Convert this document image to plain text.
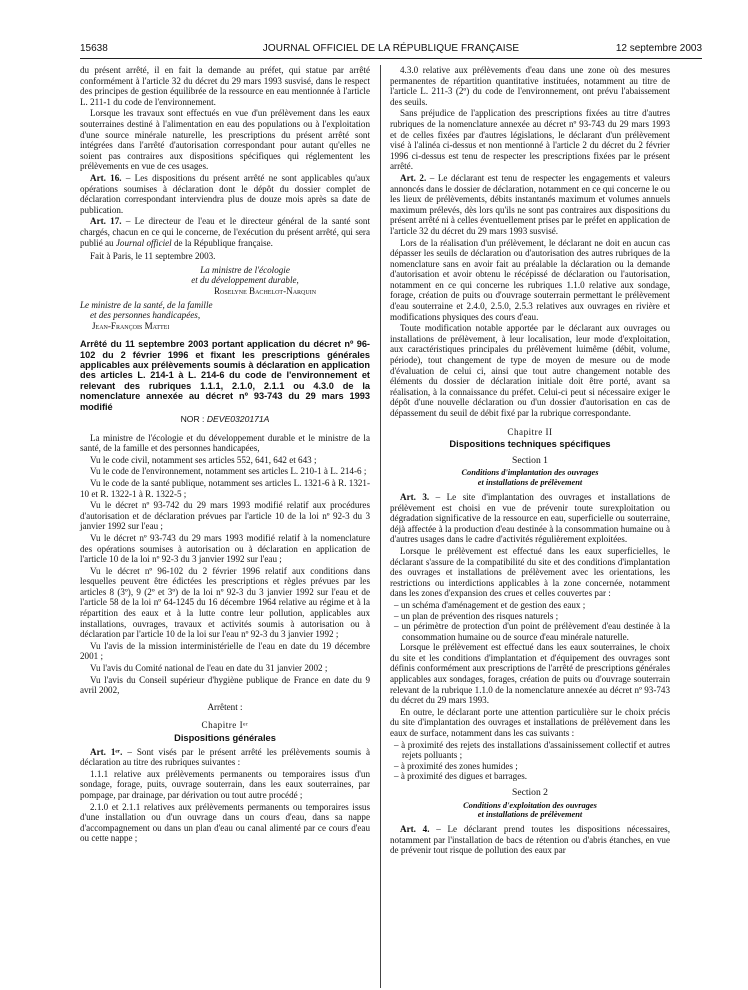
15638	JOURNAL OFFICIEL DE LA RÉPUBLIQUE FRANÇAISE	12 septembre 2003

du présent arrêté, il en fait la demande au préfet, qui statue par arrêté conformément à l'article 32 du décret du 29 mars 1993 susvisé, dans le respect des principes de gestion équilibrée de la ressource en eau mentionnée à l'article L. 211-1 du code de l'environnement.

Lorsque les travaux sont effectués en vue d'un prélèvement dans les eaux souterraines destiné à l'alimentation en eau des populations ou à l'exploitation d'une source minérale naturelle, les prescriptions du présent arrêté sont intégrées dans l'arrêté d'autorisation correspondant pour autant qu'elles ne soient pas contraires aux dispositions spécifiques qui réglementent les prélèvements en vue de ces usages.

Art. 16. – Les dispositions du présent arrêté ne sont applicables qu'aux opérations soumises à déclaration dont le dépôt du dossier complet de déclaration correspondant interviendra plus de douze mois après sa date de publication.

Art. 17. – Le directeur de l'eau et le directeur général de la santé sont chargés, chacun en ce qui le concerne, de l'exécution du présent arrêté, qui sera publié au Journal officiel de la République française.

Fait à Paris, le 11 septembre 2003.

La ministre de l'écologie
et du développement durable,
Roselyne Bachelot-Narquin
Le ministre de la santé, de la famille
et des personnes handicapées,
Jean-François Mattei

Arrêté du 11 septembre 2003 portant application du décret nº 96-102 du 2 février 1996 et fixant les prescriptions générales applicables aux prélèvements soumis à déclaration en application des articles L. 214-1 à L. 214-6 du code de l'environnement et relevant des rubriques 1.1.1, 2.1.0, 2.1.1 ou 4.3.0 de la nomenclature annexée au décret nº 93-743 du 29 mars 1993 modifié

NOR : DEVE0320171A

La ministre de l'écologie et du développement durable et le ministre de la santé, de la famille et des personnes handicapées,

Vu le code civil, notamment ses articles 552, 641, 642 et 643 ;

Vu le code de l'environnement, notamment ses articles L. 210-1 à L. 214-6 ;

Vu le code de la santé publique, notamment ses articles L. 1321-6 à R. 1321-10 et R. 1322-1 à R. 1322-5 ;

Vu le décret nº 93-742 du 29 mars 1993 modifié relatif aux procédures d'autorisation et de déclaration prévues par l'article 10 de la loi nº 92-3 du 3 janvier 1992 sur l'eau ;

Vu le décret nº 93-743 du 29 mars 1993 modifié relatif à la nomenclature des opérations soumises à autorisation ou à déclaration en application de l'article 10 de la loi nº 92-3 du 3 janvier 1992 sur l'eau ;

Vu le décret nº 96-102 du 2 février 1996 relatif aux conditions dans lesquelles peuvent être édictées les prescriptions et règles prévues par les articles 8 (3º), 9 (2º et 3º) de la loi nº 92-3 du 3 janvier 1992 sur l'eau et de l'article 58 de la loi nº 64-1245 du 16 décembre 1964 relative au régime et à la répartition des eaux et à la lutte contre leur pollution, applicables aux installations, ouvrages, travaux et activités soumis à autorisation ou à déclaration par l'article 10 de la loi sur l'eau nº 92-3 du 3 janvier 1992 ;

Vu l'avis de la mission interministérielle de l'eau en date du 19 décembre 2001 ;

Vu l'avis du Comité national de l'eau en date du 31 janvier 2002 ;

Vu l'avis du Conseil supérieur d'hygiène publique de France en date du 9 avril 2002,

Arrêtent :

Chapitre Iᵉʳ

Dispositions générales

Art. 1ᵉʳ. – Sont visés par le présent arrêté les prélèvements soumis à déclaration au titre des rubriques suivantes :

1.1.1 relative aux prélèvements permanents ou temporaires issus d'un sondage, forage, puits, ouvrage souterrain, dans les eaux souterraines, par pompage, par drainage, par dérivation ou tout autre procédé ;

2.1.0 et 2.1.1 relatives aux prélèvements permanents ou temporaires issus d'une installation ou d'un ouvrage dans un cours d'eau, dans sa nappe d'accompagnement ou dans un plan d'eau ou canal alimenté par ce cours d'eau ou cette nappe ;

4.3.0 relative aux prélèvements d'eau dans une zone où des mesures permanentes de répartition quantitative instituées, notamment au titre de l'article L. 211-3 (2º) du code de l'environnement, ont prévu l'abaissement des seuils.

Sans préjudice de l'application des prescriptions fixées au titre d'autres rubriques de la nomenclature annexée au décret nº 93-743 du 29 mars 1993 et de celles fixées par d'autres législations, le déclarant d'un prélèvement visé à l'alinéa ci-dessus et non mentionné à l'article 2 du décret du 2 février 1996 ci-dessus est tenu de respecter les prescriptions fixées par le présent arrêté.

Art. 2. – Le déclarant est tenu de respecter les engagements et valeurs annoncés dans le dossier de déclaration, notamment en ce qui concerne le ou les lieux de prélèvements, débits instantanés maximum et volumes annuels maximum prélevés, dès lors qu'ils ne sont pas contraires aux dispositions du présent arrêté ni à celles éventuellement prises par le préfet en application de l'article 32 du décret du 29 mars 1993 susvisé.

Lors de la réalisation d'un prélèvement, le déclarant ne doit en aucun cas dépasser les seuils de déclaration ou d'autorisation des autres rubriques de la nomenclature sans en avoir fait au préalable la déclaration ou la demande d'autorisation et avoir obtenu le récépissé de déclaration ou l'autorisation, notamment en ce qui concerne les rubriques 1.1.0 relative aux sondage, forage, création de puits ou d'ouvrage souterrain permettant le prélèvement d'eau souterraine et 2.4.0, 2.5.0, 2.5.3 relatives aux ouvrages en rivière et modifications physiques des cours d'eau.

Toute modification notable apportée par le déclarant aux ouvrages ou installations de prélèvement, à leur localisation, leur mode d'exploitation, aux caractéristiques principales du prélèvement luimême (débit, volume, période), tout changement de type de moyen de mesure ou de mode d'évaluation de celui ci, ainsi que tout autre changement notable des éléments du dossier de déclaration initiale doit être porté, avant sa réalisation, à la connaissance du préfet. Celui-ci peut si nécessaire exiger le dépôt d'une nouvelle déclaration ou d'un dossier d'autorisation en cas de dépassement du seuil de débit fixé par la rubrique correspondante.

Chapitre II

Dispositions techniques spécifiques

Section 1

Conditions d'implantation des ouvrages
et installations de prélèvement

Art. 3. – Le site d'implantation des ouvrages et installations de prélèvement est choisi en vue de prévenir toute surexploitation ou dégradation significative de la ressource en eau, superficielle ou souterraine, déjà affectée à la production d'eau destinée à la consommation humaine ou à d'autres usages dans le cadre d'activités régulièrement exploitées.

Lorsque le prélèvement est effectué dans les eaux superficielles, le déclarant s'assure de la compatibilité du site et des conditions d'implantation des ouvrages et installations de prélèvement avec les orientations, les restrictions ou interdictions applicables à la zone concernée, notamment dans les zones d'expansion des crues et celles couvertes par :

– un schéma d'aménagement et de gestion des eaux ;

– un plan de prévention des risques naturels ;

– un périmètre de protection d'un point de prélèvement d'eau destinée à la consommation humaine ou de source d'eau minérale naturelle.

Lorsque le prélèvement est effectué dans les eaux souterraines, le choix du site et les conditions d'implantation et d'équipement des ouvrages sont définis conformément aux prescriptions de l'arrêté de prescriptions générales applicables aux sondages, forages, création de puits ou d'ouvrage souterrain relevant de la rubrique 1.1.0 de la nomenclature annexée au décret nº 93-743 du décret du 29 mars 1993.

En outre, le déclarant porte une attention particulière sur le choix précis du site d'implantation des ouvrages et installations de prélèvement dans les eaux de surface, notamment dans les cas suivants :

– à proximité des rejets des installations d'assainissement collectif et autres rejets polluants ;

– à proximité des zones humides ;

– à proximité des digues et barrages.

Section 2

Conditions d'exploitation des ouvrages
et installations de prélèvement

Art. 4. – Le déclarant prend toutes les dispositions nécessaires, notamment par l'installation de bacs de rétention ou d'abris étanches, en vue de prévenir tout risque de pollution des eaux par
